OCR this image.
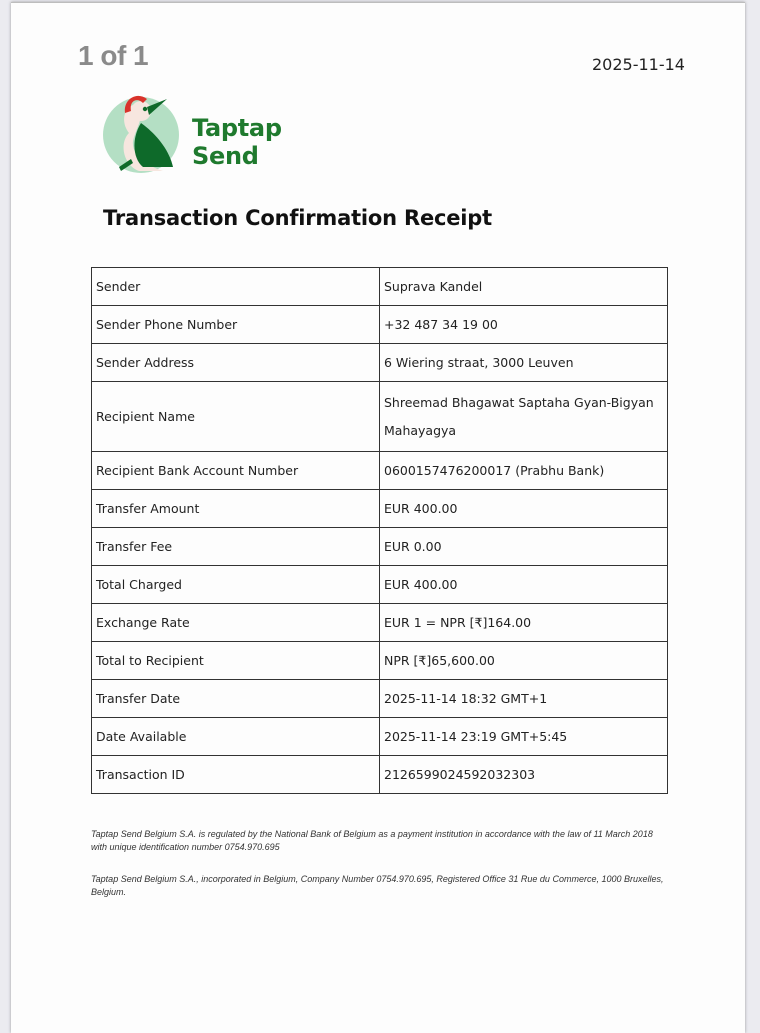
1 of 1	2025-11-14
Taptap
Send
Transaction Confirmation Receipt
Sender	Suprava Kandel
Sender Phone Number	+32 487 34 19 00
Sender Address	6 Wiering straat, 3000 Leuven
Recipient Name	Shreemad Bhagawat Saptaha Gyan-Bigyan Mahayagya
Recipient Bank Account Number	0600157476200017 (Prabhu Bank)
Transfer Amount	EUR 400.00
Transfer Fee	EUR 0.00
Total Charged	EUR 400.00
Exchange Rate	EUR 1 = NPR [₹]164.00
Total to Recipient	NPR [₹]65,600.00
Transfer Date	2025-11-14 18:32 GMT+1
Date Available	2025-11-14 23:19 GMT+5:45
Transaction ID	2126599024592032303
Taptap Send Belgium S.A. is regulated by the National Bank of Belgium as a payment institution in accordance with the law of 11 March 2018 with unique identification number 0754.970.695
Taptap Send Belgium S.A., incorporated in Belgium, Company Number 0754.970.695, Registered Office 31 Rue du Commerce, 1000 Bruxelles, Belgium.
